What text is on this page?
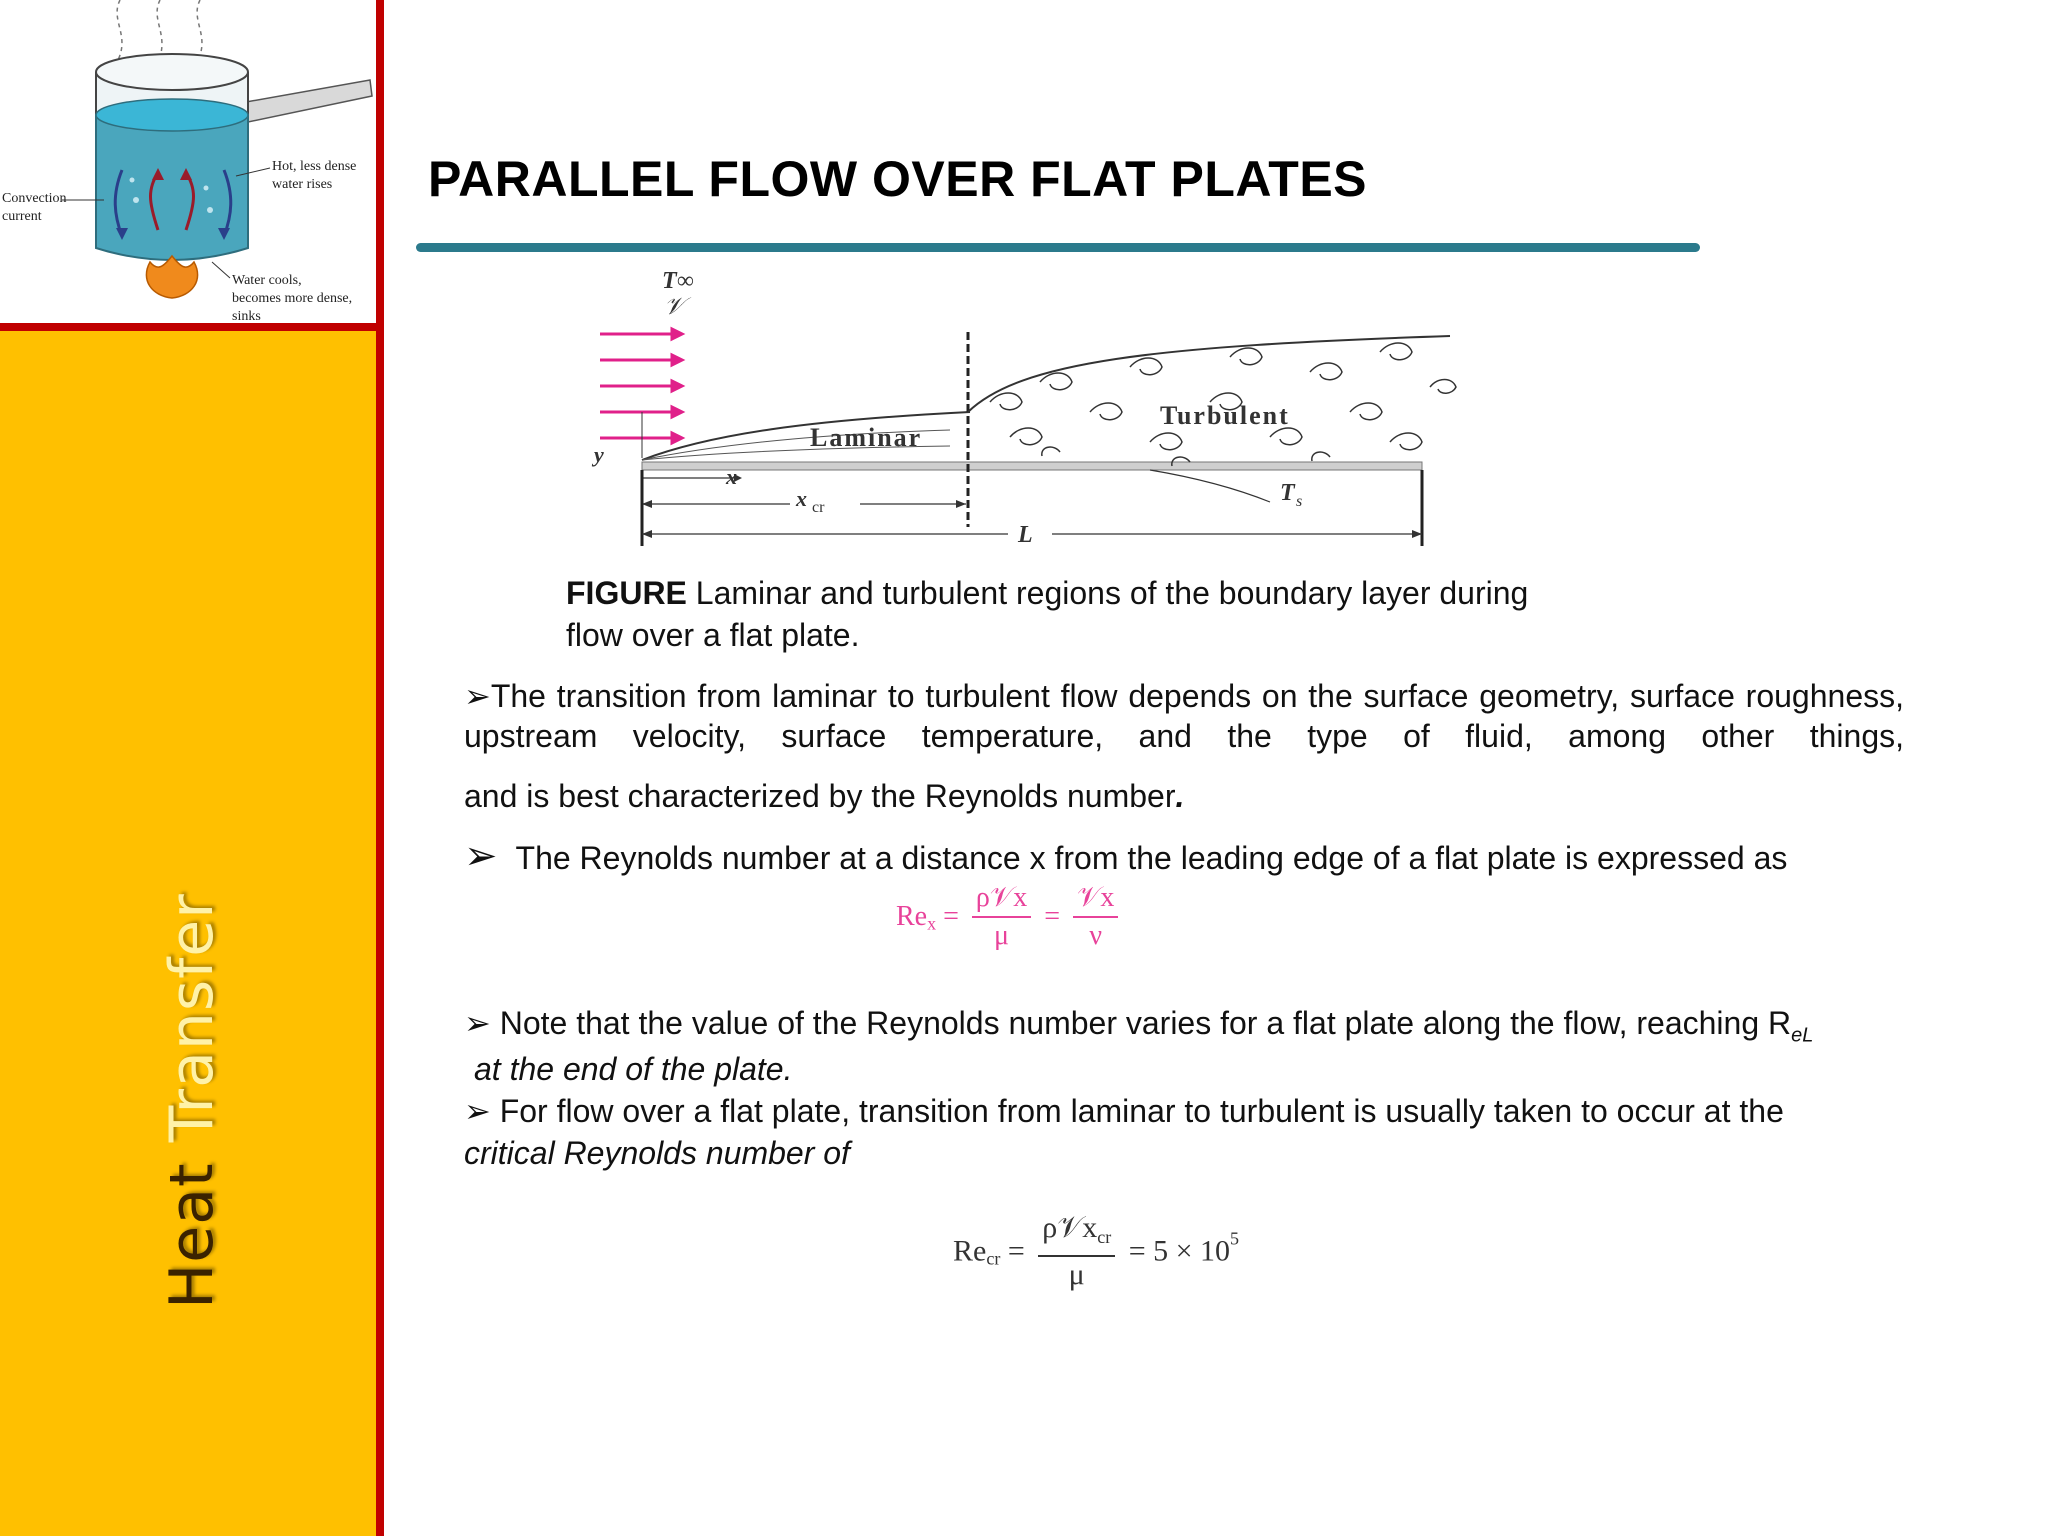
Hot, less dense
water rises
Convection
current
Water cools,
becomes more dense,
sinks
Heat Transfer
PARALLEL FLOW OVER FLAT PLATES
T∞
𝒱
y
Laminar
Turbulent
T s
x
x cr
L
FIGURE Laminar and turbulent regions of the boundary layer during flow over a flat plate.
➢The transition from laminar to turbulent flow depends on the surface geometry, surface roughness, upstream velocity, surface temperature, and the type of fluid, among other things,
and is best characterized by the Reynolds number.
➢ The Reynolds number at a distance x from the leading edge of a flat plate is expressed as
$Re_x = \frac{\text{ρ𝒱x}}{\mu} = \frac{\text{𝒱x}}{\nu}$
➢ Note that the value of the Reynolds number varies for a flat plate along the flow, reaching $R_{eL}$
at the end of the plate.
➢ For flow over a flat plate, transition from laminar to turbulent is usually taken to occur at the
critical Reynolds number of
$Re_{cr} = \frac{\rho 𝒱x_{cr}}{\mu} = 5 \times 10^5$
